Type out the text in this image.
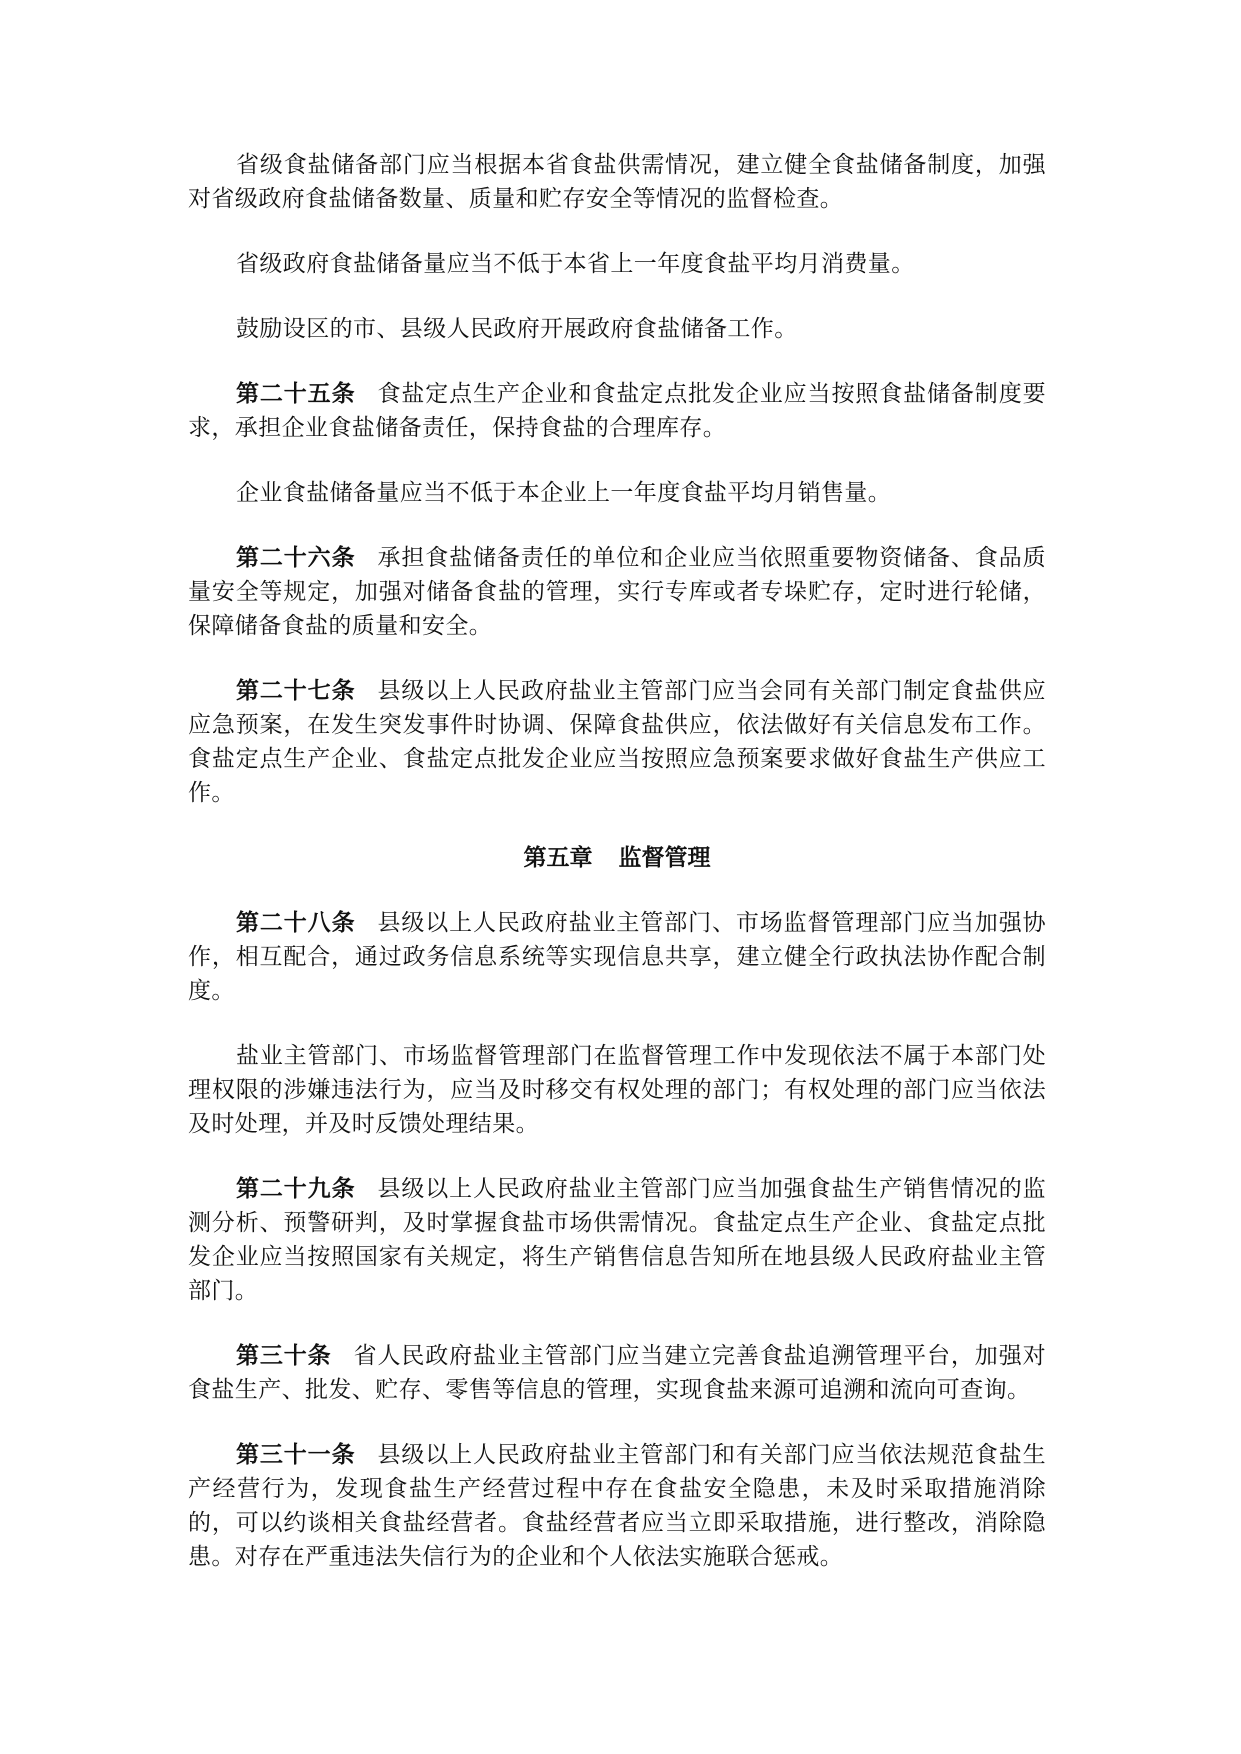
省级食盐储备部门应当根据本省食盐供需情况，建立健全食盐储备制度，加强对省级政府食盐储备数量、质量和贮存安全等情况的监督检查。

省级政府食盐储备量应当不低于本省上一年度食盐平均月消费量。

鼓励设区的市、县级人民政府开展政府食盐储备工作。

第二十五条 食盐定点生产企业和食盐定点批发企业应当按照食盐储备制度要求，承担企业食盐储备责任，保持食盐的合理库存。

企业食盐储备量应当不低于本企业上一年度食盐平均月销售量。

第二十六条 承担食盐储备责任的单位和企业应当依照重要物资储备、食品质量安全等规定，加强对储备食盐的管理，实行专库或者专垛贮存，定时进行轮储，保障储备食盐的质量和安全。

第二十七条 县级以上人民政府盐业主管部门应当会同有关部门制定食盐供应应急预案，在发生突发事件时协调、保障食盐供应，依法做好有关信息发布工作。食盐定点生产企业、食盐定点批发企业应当按照应急预案要求做好食盐生产供应工作。

第五章 监督管理

第二十八条 县级以上人民政府盐业主管部门、市场监督管理部门应当加强协作，相互配合，通过政务信息系统等实现信息共享，建立健全行政执法协作配合制度。

盐业主管部门、市场监督管理部门在监督管理工作中发现依法不属于本部门处理权限的涉嫌违法行为，应当及时移交有权处理的部门；有权处理的部门应当依法及时处理，并及时反馈处理结果。

第二十九条 县级以上人民政府盐业主管部门应当加强食盐生产销售情况的监测分析、预警研判，及时掌握食盐市场供需情况。食盐定点生产企业、食盐定点批发企业应当按照国家有关规定，将生产销售信息告知所在地县级人民政府盐业主管部门。

第三十条 省人民政府盐业主管部门应当建立完善食盐追溯管理平台，加强对食盐生产、批发、贮存、零售等信息的管理，实现食盐来源可追溯和流向可查询。

第三十一条 县级以上人民政府盐业主管部门和有关部门应当依法规范食盐生产经营行为，发现食盐生产经营过程中存在食盐安全隐患，未及时采取措施消除的，可以约谈相关食盐经营者。食盐经营者应当立即采取措施，进行整改，消除隐患。对存在严重违法失信行为的企业和个人依法实施联合惩戒。
